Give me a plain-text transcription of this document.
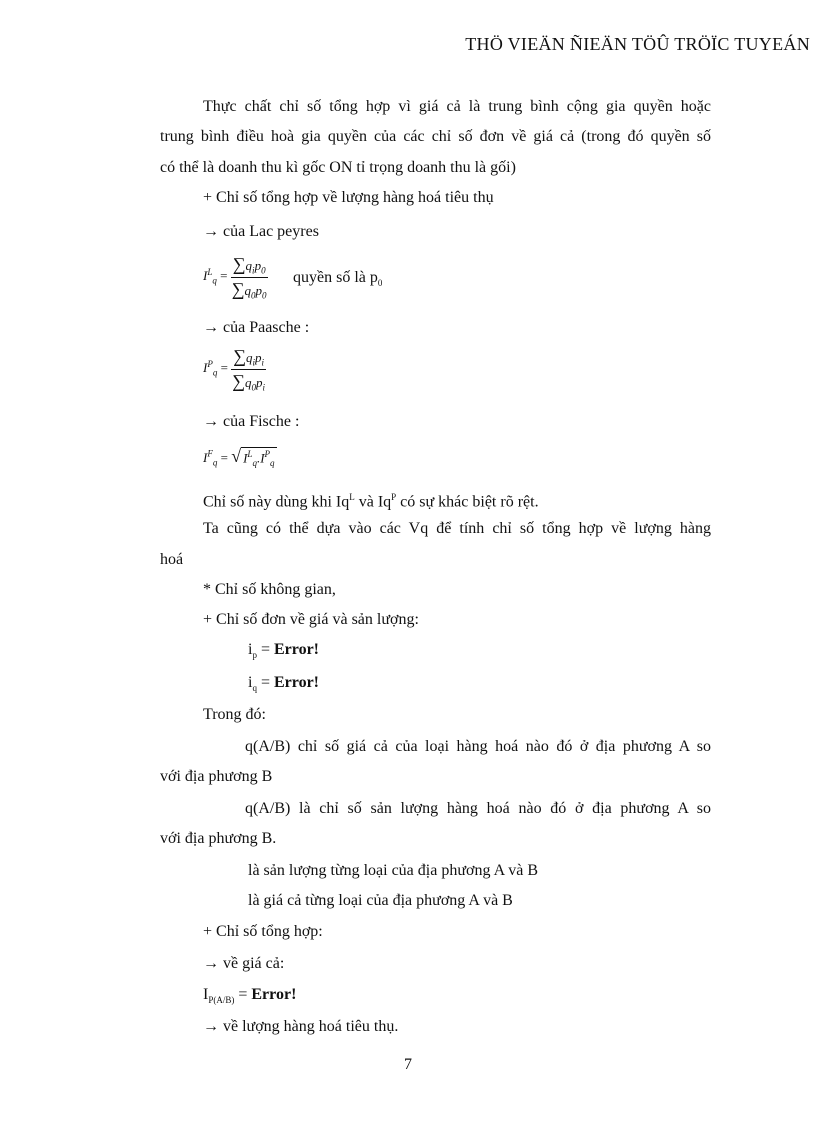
THÖ VIEÄN ÑIEÄN TÖÛ TRÖÏC TUYEÁN
Thực chất chỉ số tổng hợp vì giá cả là trung bình cộng gia quyền hoặc
trung bình điều hoà gia quyền của các chỉ số đơn về giá cả (trong đó quyền số
có thể là doanh thu kì gốc ON tỉ trọng doanh thu là gối)
+ Chỉ số tổng hợp về lượng hàng hoá tiêu thụ
→ của Lac peyres
$I^L_q = \frac{\sum q_ip_0}{\sum q_0p_0}$ quyền số là $p_0$
→ của Paasche :
$I^P_q = \frac{\sum q_ip_i}{\sum q_0p_i}$
→ của Fische :
$I^F_q$ = √ $I^L_q.I^P_q$
Chỉ số này dùng khi $Iq^L$ và $Iq^P$ có sự khác biệt rõ rệt.
Ta cũng có thể dựa vào các Vq để tính chỉ số tổng hợp về lượng hàng
hoá
* Chỉ số không gian,
+ Chỉ số đơn về giá và sản lượng:
$i_p$ = Error!
$i_q$ = Error!
Trong đó:
q(A/B) chỉ số giá cả của loại hàng hoá nào đó ở địa phương A so
với địa phương B
q(A/B) là chỉ số sản lượng hàng hoá nào đó ở địa phương A so
với địa phương B.
là sản lượng từng loại của địa phương A và B
là giá cả từng loại của địa phương A và B
+ Chỉ số tổng hợp:
→ về giá cả:
$I_{P(A/B)}$ = Error!
→ về lượng hàng hoá tiêu thụ.
7
